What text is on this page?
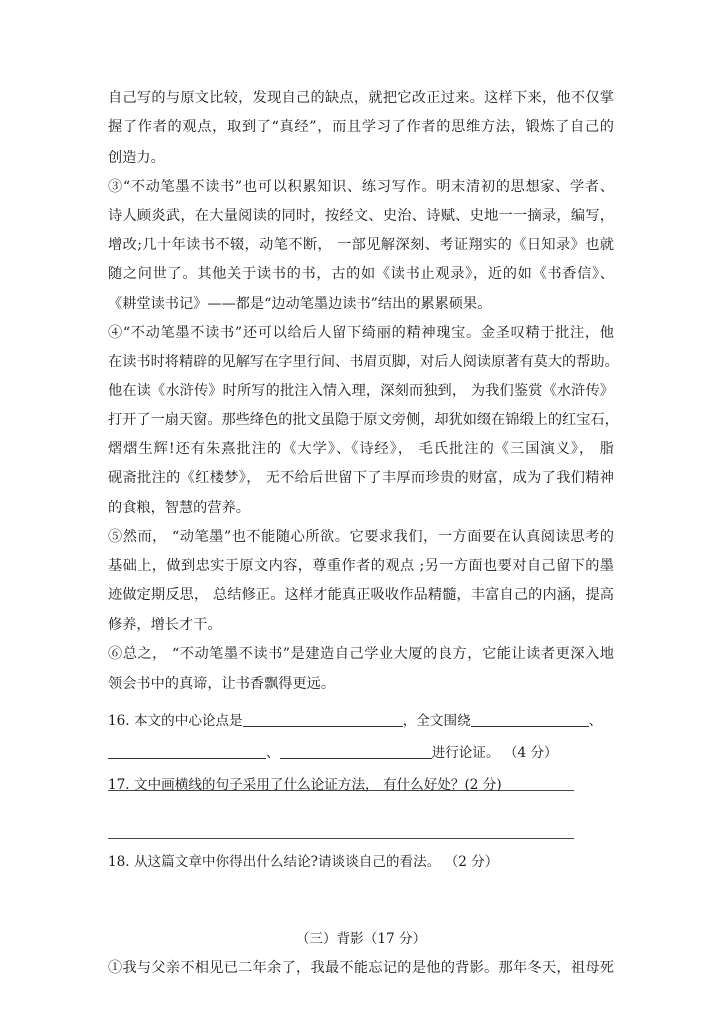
自己写的与原文比较，发现自己的缺点，就把它改正过来。这样下来，他不仅掌
握了作者的观点，取到了“真经”，而且学习了作者的思维方法，锻炼了自己的
创造力。
③“不动笔墨不读书”也可以积累知识、练习写作。明末清初的思想家、学者、
诗人顾炎武，在大量阅读的同时，按经文、史治、诗赋、史地一一摘录，编写，
增改;几十年读书不辍，动笔不断， 一部见解深刻、考证翔实的《日知录》也就
随之问世了。其他关于读书的书，古的如《读书止观录》，近的如《书香信》、
《耕堂读书记》——都是“边动笔墨边读书”结出的累累硕果。
④“不动笔墨不读书”还可以给后人留下绮丽的精神瑰宝。金圣叹精于批注，他
在读书时将精辟的见解写在字里行间、书眉页脚，对后人阅读原著有莫大的帮助。
他在读《水浒传》时所写的批注入情入理，深刻而独到， 为我们鉴赏《水浒传》
打开了一扇天窗。那些绛色的批文虽隐于原文旁侧，却犹如缀在锦缎上的红宝石，
熠熠生辉!还有朱熹批注的《大学》、《诗经》， 毛氏批注的《三国演义》， 脂
砚斋批注的《红楼梦》， 无不给后世留下了丰厚而珍贵的财富，成为了我们精神
的食粮，智慧的营养。
⑤然而， “动笔墨”也不能随心所欲。它要求我们，一方面要在认真阅读思考的
基础上，做到忠实于原文内容，尊重作者的观点 ;另一方面也要对自己留下的墨
迹做定期反思， 总结修正。这样才能真正吸收作品精髓，丰富自己的内涵，提高
修养，增长才干。
⑥总之， “不动笔墨不读书”是建造自己学业大厦的良方，它能让读者更深入地
领会书中的真谛，让书香飘得更远。
16. 本文的中心论点是	，全文围绕	、
、	进行论证。 （4 分）
17. 文中画横线的句子采用了什么论证方法， 有什么好处？(2 分)
18. 从这篇文章中你得出什么结论?请谈谈自己的看法。 （2 分）
（三）背影（17 分）
①我与父亲不相见已二年余了，我最不能忘记的是他的背影。那年冬天，祖母死
